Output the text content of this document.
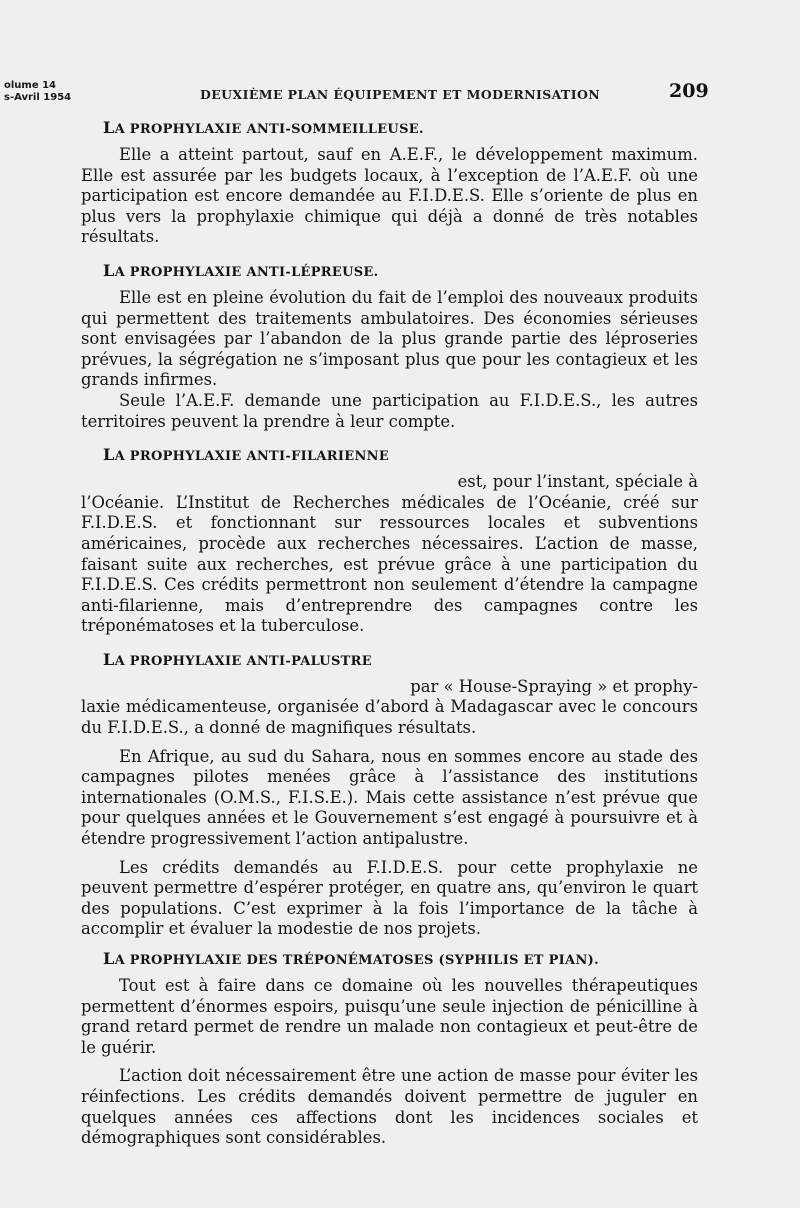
olume 14
s-Avril 1954	DEUXIÈME PLAN ÉQUIPEMENT ET MODERNISATION	209
LA PROPHYLAXIE ANTI-SOMMEILLEUSE.

Elle a atteint partout, sauf en A.E.F., le développement maximum. Elle est assurée par les budgets locaux, à l’exception de l’A.E.F. où une participation est encore demandée au F.I.D.E.S. Elle s’oriente de plus en plus vers la prophylaxie chimique qui déjà a donné de très notables résultats.

LA PROPHYLAXIE ANTI-LÉPREUSE.

Elle est en pleine évolution du fait de l’emploi des nouveaux produits qui permettent des traitements ambulatoires. Des économies sérieuses sont envisagées par l’abandon de la plus grande partie des léproseries prévues, la ségrégation ne s’imposant plus que pour les contagieux et les grands infirmes.

Seule l’A.E.F. demande une participation au F.I.D.E.S., les autres territoires peuvent la prendre à leur compte.

LA PROPHYLAXIE ANTI-FILARIENNE

est, pour l’instant, spéciale à

l’Océanie. L’Institut de Recherches médicales de l’Océanie, créé sur F.I.D.E.S. et fonctionnant sur ressources locales et subventions américaines, procède aux recherches nécessaires. L’action de masse, faisant suite aux recherches, est prévue grâce à une participation du F.I.D.E.S. Ces crédits permettront non seulement d’étendre la campagne anti-filarienne, mais d’entreprendre des campagnes contre les tréponématoses et la tuberculose.

LA PROPHYLAXIE ANTI-PALUSTRE

par « House-Spraying » et prophy-

laxie médicamenteuse, organisée d’abord à Madagascar avec le concours du F.I.D.E.S., a donné de magnifiques résultats.

En Afrique, au sud du Sahara, nous en sommes encore au stade des campagnes pilotes menées grâce à l’assistance des institutions internationales (O.M.S., F.I.S.E.). Mais cette assistance n’est prévue que pour quelques années et le Gouvernement s’est engagé à poursuivre et à étendre progressivement l’action antipalustre.

Les crédits demandés au F.I.D.E.S. pour cette prophylaxie ne peuvent permettre d’espérer protéger, en quatre ans, qu’environ le quart des populations. C’est exprimer à la fois l’importance de la tâche à accomplir et évaluer la modestie de nos projets.

LA PROPHYLAXIE DES TRÉPONÉMATOSES (SYPHILIS ET PIAN).

Tout est à faire dans ce domaine où les nouvelles thérapeutiques permettent d’énormes espoirs, puisqu’une seule injection de pénicilline à grand retard permet de rendre un malade non contagieux et peut-être de le guérir.

L’action doit nécessairement être une action de masse pour éviter les réinfections. Les crédits demandés doivent permettre de juguler en quelques années ces affections dont les incidences sociales et démographiques sont considérables.
